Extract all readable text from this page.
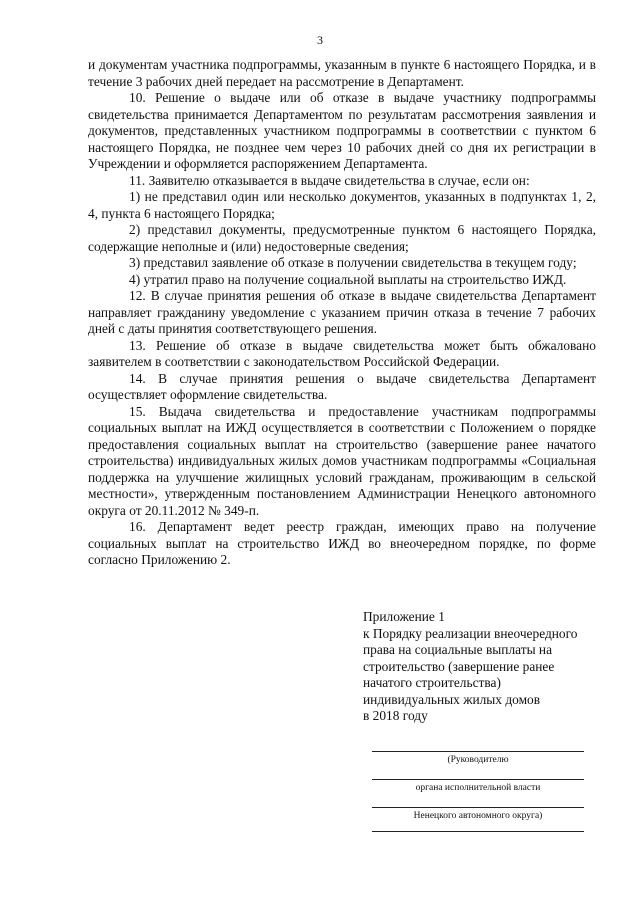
3

и документам участника подпрограммы, указанным в пункте 6 настоящего Порядка, и в течение 3 рабочих дней передает на рассмотрение в Департамент.

10. Решение о выдаче или об отказе в выдаче участнику подпрограммы свидетельства принимается Департаментом по результатам рассмотрения заявления и документов, представленных участником подпрограммы в соответствии с пунктом 6 настоящего Порядка, не позднее чем через 10 рабочих дней со дня их регистрации в Учреждении и оформляется распоряжением Департамента.

11. Заявителю отказывается в выдаче свидетельства в случае, если он:

1) не представил один или несколько документов, указанных в подпунктах 1, 2, 4, пункта 6 настоящего Порядка;

2) представил документы, предусмотренные пунктом 6 настоящего Порядка, содержащие неполные и (или) недостоверные сведения;

3) представил заявление об отказе в получении свидетельства в текущем году;

4) утратил право на получение социальной выплаты на строительство ИЖД.

12. В случае принятия решения об отказе в выдаче свидетельства Департамент направляет гражданину уведомление с указанием причин отказа в течение 7 рабочих дней с даты принятия соответствующего решения.

13. Решение об отказе в выдаче свидетельства может быть обжаловано заявителем в соответствии с законодательством Российской Федерации.

14. В случае принятия решения о выдаче свидетельства Департамент осуществляет оформление свидетельства.

15. Выдача свидетельства и предоставление участникам подпрограммы социальных выплат на ИЖД осуществляется в соответствии с Положением о порядке предоставления социальных выплат на строительство (завершение ранее начатого строительства) индивидуальных жилых домов участникам подпрограммы «Социальная поддержка на улучшение жилищных условий гражданам, проживающим в сельской местности», утвержденным постановлением Администрации Ненецкого автономного округа от 20.11.2012 № 349-п.

16. Департамент ведет реестр граждан, имеющих право на получение социальных выплат на строительство ИЖД во внеочередном порядке, по форме согласно Приложению 2.

Приложение 1
к Порядку реализации внеочередного
права на социальные выплаты на
строительство (завершение ранее
начатого строительства)
индивидуальных жилых домов
в 2018 году
(Руководителю
органа исполнительной власти
Ненецкого автономного округа)
